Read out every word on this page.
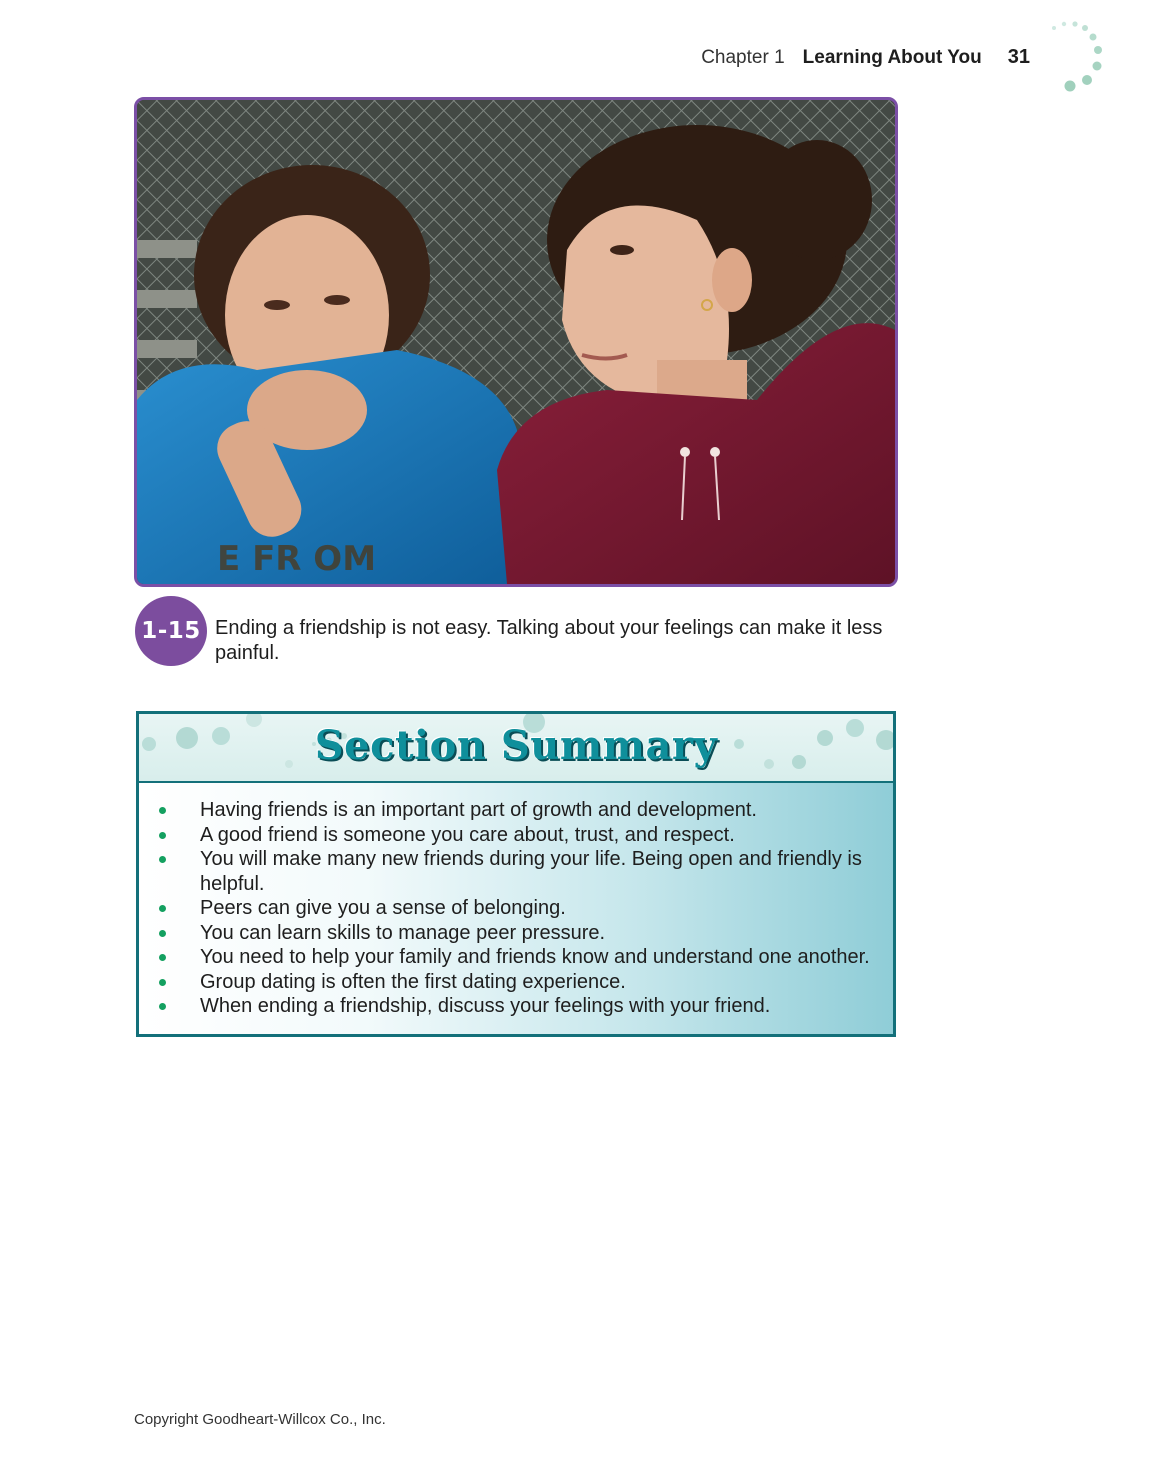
Chapter 1 Learning About You 31
E FR OM
1-15 Ending a friendship is not easy. Talking about your feelings can make it less painful.
Section Summary
Having friends is an important part of growth and development.
A good friend is someone you care about, trust, and respect.
You will make many new friends during your life. Being open and friendly is helpful.
Peers can give you a sense of belonging.
You can learn skills to manage peer pressure.
You need to help your family and friends know and understand one another.
Group dating is often the first dating experience.
When ending a friendship, discuss your feelings with your friend.
Copyright Goodheart-Willcox Co., Inc.
